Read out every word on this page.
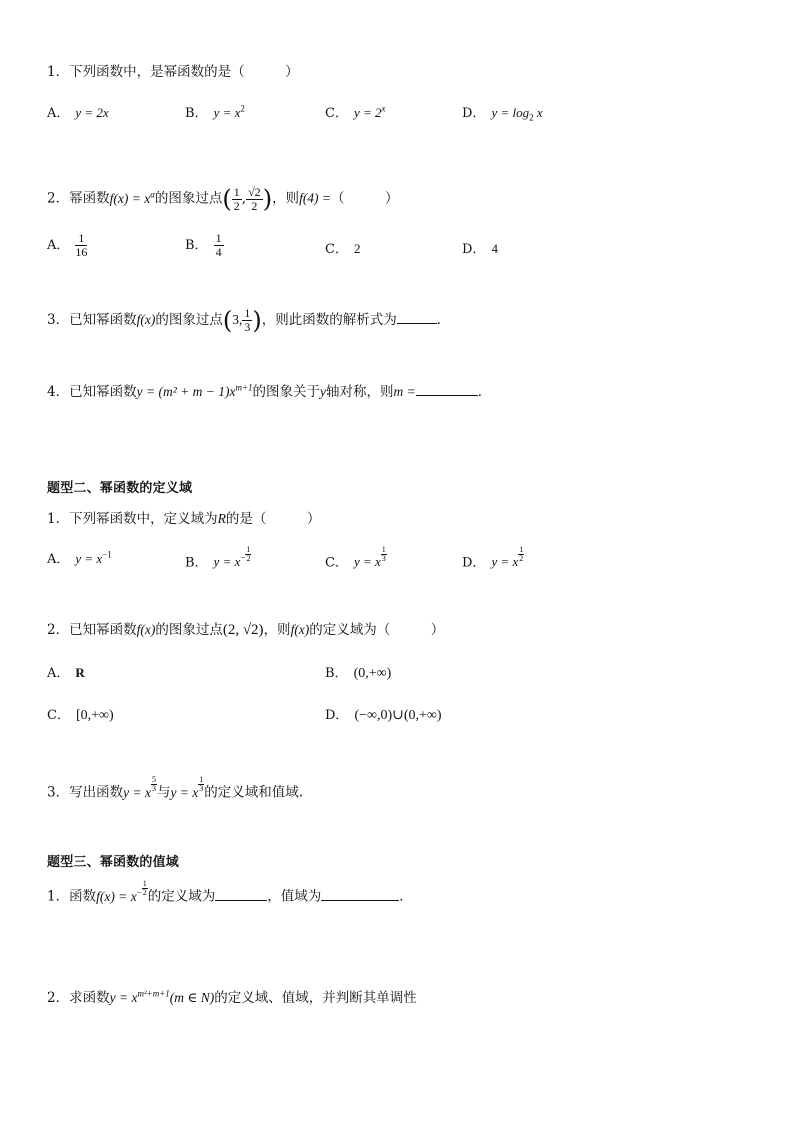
1．下列函数中，是幂函数的是（　　　）
A． y = 2x	B． $y = x^2$	C． $y = 2^x$	D． $y = \log_2 x$
2．幂函数$f(x) = x^\alpha$的图象过点( $\frac{1}{2}$ , $\frac{√2}{2}$ )，则f(4) =（　　　）
A． $\frac{1}{16}$	B． $\frac{1}{4}$	C． 2	D． 4
3．已知幂函数f(x)的图象过点(3, $\frac{1}{3}$ )，则此函数的解析式为	．
4．已知幂函数$y = (m^2 + m - 1)x^{m+1}$的图象关于y轴对称，则m =	．
题型二、幂函数的定义域
1．下列幂函数中，定义域为R的是（　　　）
A． $y = x^{-1}$
B． $y = x^- \frac{1}{2}$	C． y = x $\frac{1}{3}$	D． y = x $\frac{1}{2}$
2．已知幂函数f(x)的图象过点(2, √2)，则f(x)的定义域为（　　　）
A． R	B． (0,+∞)
C． [0,+∞)	D． (−∞,0)∪(0,+∞)
3．写出函数y = x $\frac{5}{3}$ 与y = x $\frac{1}{3}$ 的定义域和值域.
题型三、幂函数的值域
1．函数$f(x) = x^- \frac{1}{2}$ 的定义域为	，值域为	．
2．求函数$y = x^{m^2+m+1}(m$ ∈ N)的定义域、值域，并判断其单调性
